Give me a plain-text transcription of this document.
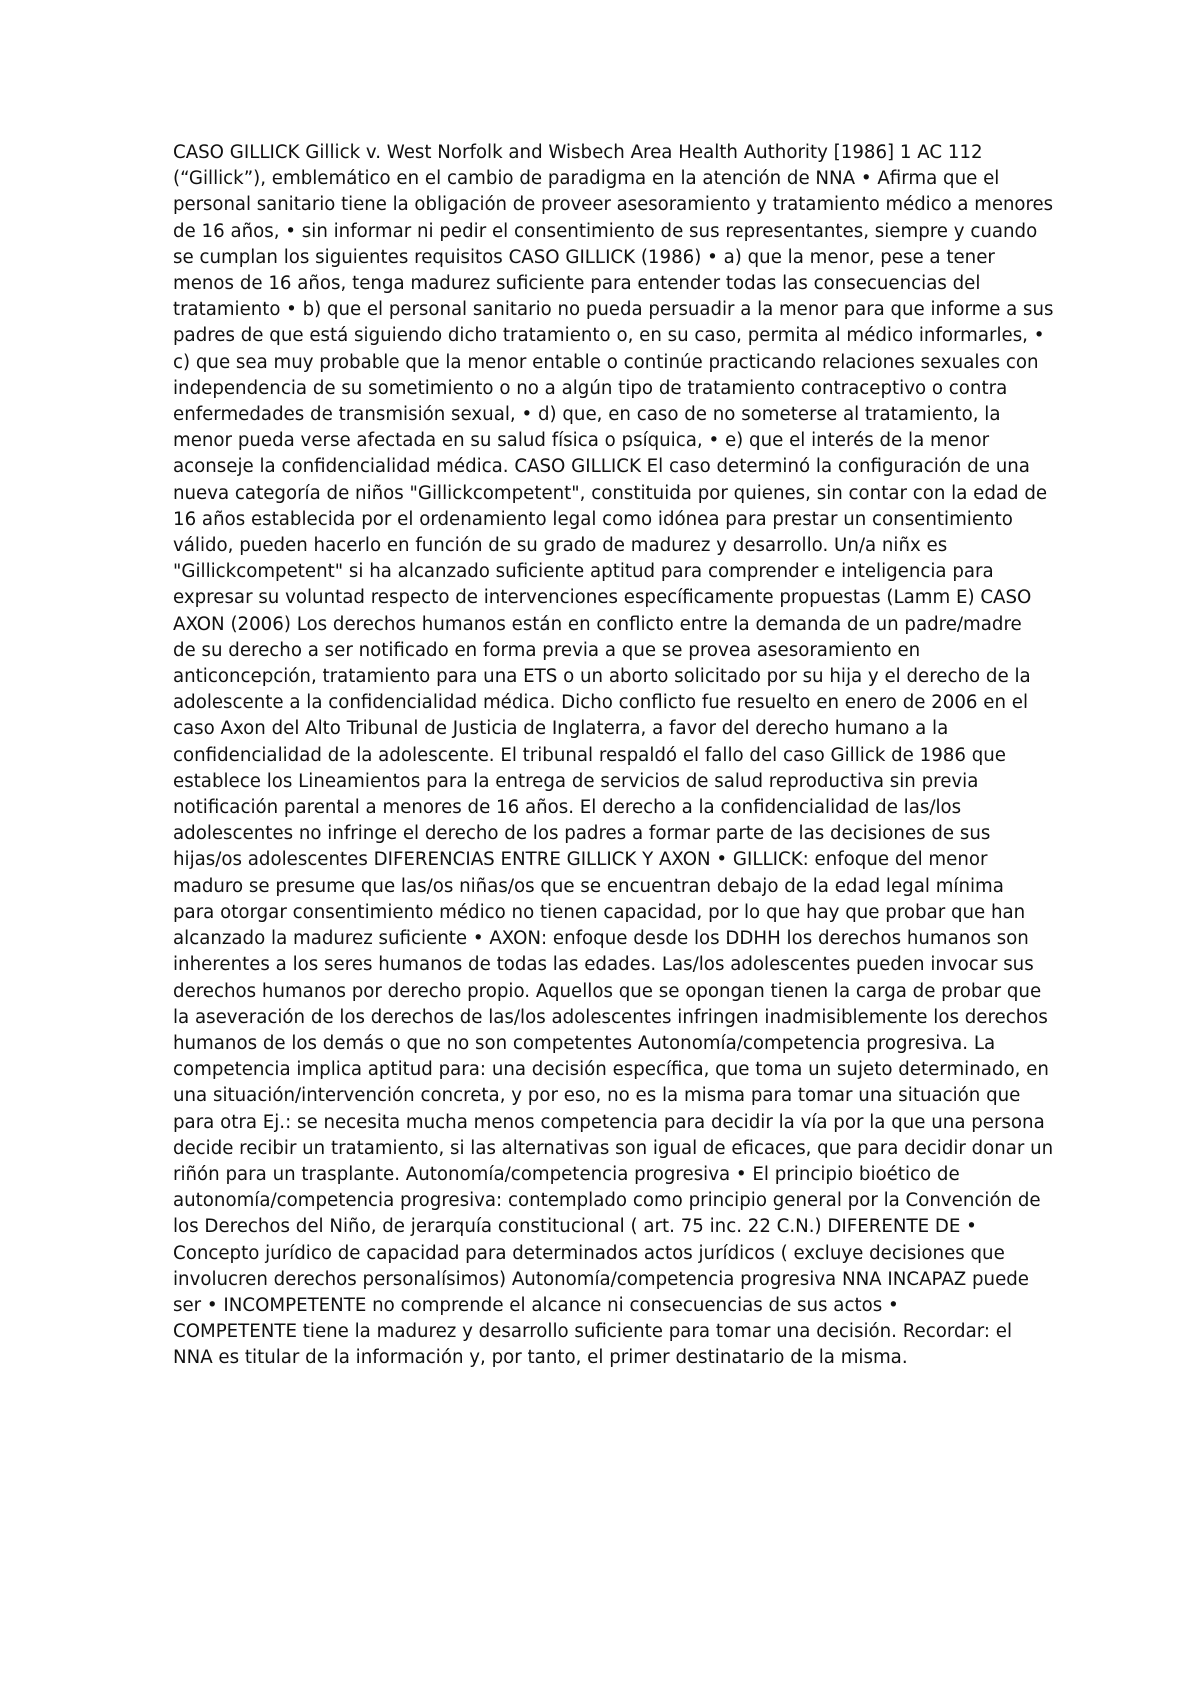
CASO GILLICK Gillick v. West Norfolk and Wisbech Area Health Authority [1986] 1 AC 112
(“Gillick”), emblemático en el cambio de paradigma en la atención de NNA • Afirma que el
personal sanitario tiene la obligación de proveer asesoramiento y tratamiento médico a menores
de 16 años, • sin informar ni pedir el consentimiento de sus representantes, siempre y cuando
se cumplan los siguientes requisitos CASO GILLICK (1986) • a) que la menor, pese a tener
menos de 16 años, tenga madurez suficiente para entender todas las consecuencias del
tratamiento • b) que el personal sanitario no pueda persuadir a la menor para que informe a sus
padres de que está siguiendo dicho tratamiento o, en su caso, permita al médico informarles, •
c) que sea muy probable que la menor entable o continúe practicando relaciones sexuales con
independencia de su sometimiento o no a algún tipo de tratamiento contraceptivo o contra
enfermedades de transmisión sexual, • d) que, en caso de no someterse al tratamiento, la
menor pueda verse afectada en su salud física o psíquica, • e) que el interés de la menor
aconseje la confidencialidad médica. CASO GILLICK El caso determinó la configuración de una
nueva categoría de niños "Gillickcompetent", constituida por quienes, sin contar con la edad de
16 años establecida por el ordenamiento legal como idónea para prestar un consentimiento
válido, pueden hacerlo en función de su grado de madurez y desarrollo. Un/a niñx es
"Gillickcompetent" si ha alcanzado suficiente aptitud para comprender e inteligencia para
expresar su voluntad respecto de intervenciones específicamente propuestas (Lamm E) CASO
AXON (2006) Los derechos humanos están en conflicto entre la demanda de un padre/madre
de su derecho a ser notificado en forma previa a que se provea asesoramiento en
anticoncepción, tratamiento para una ETS o un aborto solicitado por su hija y el derecho de la
adolescente a la confidencialidad médica. Dicho conflicto fue resuelto en enero de 2006 en el
caso Axon del Alto Tribunal de Justicia de Inglaterra, a favor del derecho humano a la
confidencialidad de la adolescente. El tribunal respaldó el fallo del caso Gillick de 1986 que
establece los Lineamientos para la entrega de servicios de salud reproductiva sin previa
notificación parental a menores de 16 años. El derecho a la confidencialidad de las/los
adolescentes no infringe el derecho de los padres a formar parte de las decisiones de sus
hijas/os adolescentes DIFERENCIAS ENTRE GILLICK Y AXON • GILLICK: enfoque del menor
maduro se presume que las/os niñas/os que se encuentran debajo de la edad legal mínima
para otorgar consentimiento médico no tienen capacidad, por lo que hay que probar que han
alcanzado la madurez suficiente • AXON: enfoque desde los DDHH los derechos humanos son
inherentes a los seres humanos de todas las edades. Las/los adolescentes pueden invocar sus
derechos humanos por derecho propio. Aquellos que se opongan tienen la carga de probar que
la aseveración de los derechos de las/los adolescentes infringen inadmisiblemente los derechos
humanos de los demás o que no son competentes Autonomía/competencia progresiva. La
competencia implica aptitud para: una decisión específica, que toma un sujeto determinado, en
una situación/intervención concreta, y por eso, no es la misma para tomar una situación que
para otra Ej.: se necesita mucha menos competencia para decidir la vía por la que una persona
decide recibir un tratamiento, si las alternativas son igual de eficaces, que para decidir donar un
riñón para un trasplante. Autonomía/competencia progresiva • El principio bioético de
autonomía/competencia progresiva: contemplado como principio general por la Convención de
los Derechos del Niño, de jerarquía constitucional ( art. 75 inc. 22 C.N.) DIFERENTE DE •
Concepto jurídico de capacidad para determinados actos jurídicos ( excluye decisiones que
involucren derechos personalísimos) Autonomía/competencia progresiva NNA INCAPAZ puede
ser • INCOMPETENTE no comprende el alcance ni consecuencias de sus actos •
COMPETENTE tiene la madurez y desarrollo suficiente para tomar una decisión. Recordar: el
NNA es titular de la información y, por tanto, el primer destinatario de la misma.
